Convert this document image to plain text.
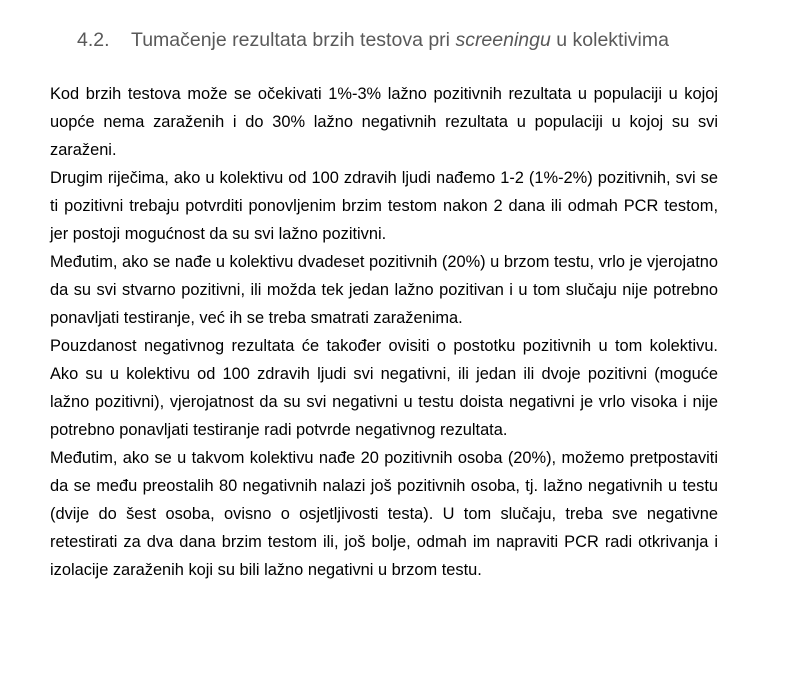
4.2. Tumačenje rezultata brzih testova pri screeningu u kolektivima

Kod brzih testova može se očekivati 1%-3% lažno pozitivnih rezultata u populaciji u kojoj uopće nema zaraženih i do 30% lažno negativnih rezultata u populaciji u kojoj su svi zaraženi.

Drugim riječima, ako u kolektivu od 100 zdravih ljudi nađemo 1-2 (1%-2%) pozitivnih, svi se ti pozitivni trebaju potvrditi ponovljenim brzim testom nakon 2 dana ili odmah PCR testom, jer postoji mogućnost da su svi lažno pozitivni.

Međutim, ako se nađe u kolektivu dvadeset pozitivnih (20%) u brzom testu, vrlo je vjerojatno da su svi stvarno pozitivni, ili možda tek jedan lažno pozitivan i u tom slučaju nije potrebno ponavljati testiranje, već ih se treba smatrati zaraženima.

Pouzdanost negativnog rezultata će također ovisiti o postotku pozitivnih u tom kolektivu. Ako su u kolektivu od 100 zdravih ljudi svi negativni, ili jedan ili dvoje pozitivni (moguće lažno pozitivni), vjerojatnost da su svi negativni u testu doista negativni je vrlo visoka i nije potrebno ponavljati testiranje radi potvrde negativnog rezultata.

Međutim, ako se u takvom kolektivu nađe 20 pozitivnih osoba (20%), možemo pretpostaviti da se među preostalih 80 negativnih nalazi još pozitivnih osoba, tj. lažno negativnih u testu (dvije do šest osoba, ovisno o osjetljivosti testa). U tom slučaju, treba sve negativne retestirati za dva dana brzim testom ili, još bolje, odmah im napraviti PCR radi otkrivanja i izolacije zaraženih koji su bili lažno negativni u brzom testu.
